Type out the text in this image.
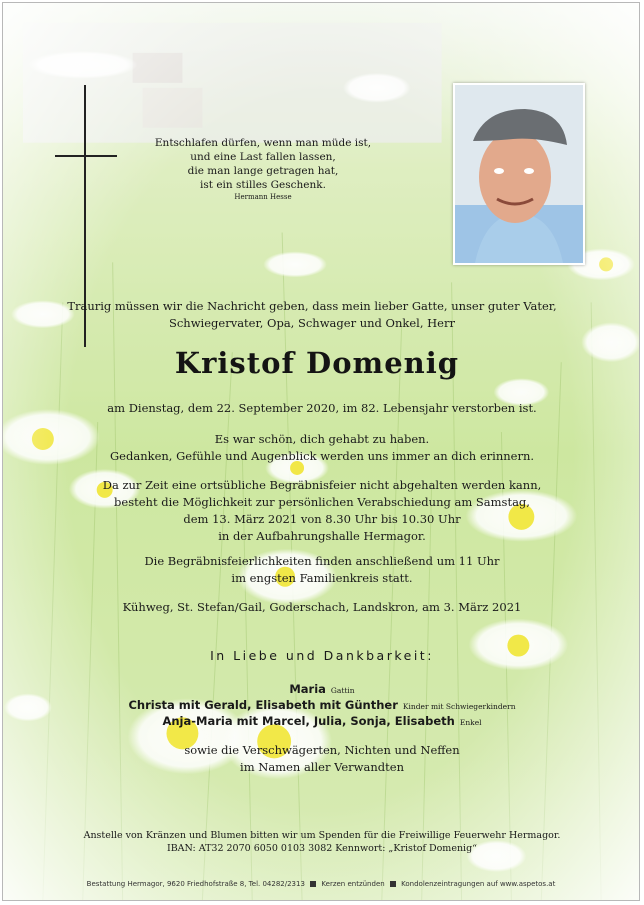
Entschlafen dürfen, wenn man müde ist,
und eine Last fallen lassen,
die man lange getragen hat,
ist ein stilles Geschenk.
Hermann Hesse
Traurig müssen wir die Nachricht geben, dass mein lieber Gatte, unser guter Vater,
Schwiegervater, Opa, Schwager und Onkel, Herr
Kristof Domenig
am Dienstag, dem 22. September 2020, im 82. Lebensjahr verstorben ist.
Es war schön, dich gehabt zu haben.
Gedanken, Gefühle und Augenblick werden uns immer an dich erinnern.
Da zur Zeit eine ortsübliche Begräbnisfeier nicht abgehalten werden kann,
besteht die Möglichkeit zur persönlichen Verabschiedung am Samstag,
dem 13. März 2021 von 8.30 Uhr bis 10.30 Uhr
in der Aufbahrungshalle Hermagor.
Die Begräbnisfeierlichkeiten finden anschließend um 11 Uhr
im engsten Familienkreis statt.
Kühweg, St. Stefan/Gail, Goderschach, Landskron, am 3. März 2021
In Liebe und Dankbarkeit:
Maria Gattin
Christa mit Gerald, Elisabeth mit Günther Kinder mit Schwiegerkindern
Anja-Maria mit Marcel, Julia, Sonja, Elisabeth Enkel
sowie die Verschwägerten, Nichten und Neffen
im Namen aller Verwandten
Anstelle von Kränzen und Blumen bitten wir um Spenden für die Freiwillige Feuerwehr Hermagor.
IBAN: AT32 2070 6050 0103 3082 Kennwort: „Kristof Domenig“
Bestattung Hermagor, 9620 Friedhofstraße 8, Tel. 04282/2313 Kerzen entzünden Kondolenzeintragungen auf www.aspetos.at
